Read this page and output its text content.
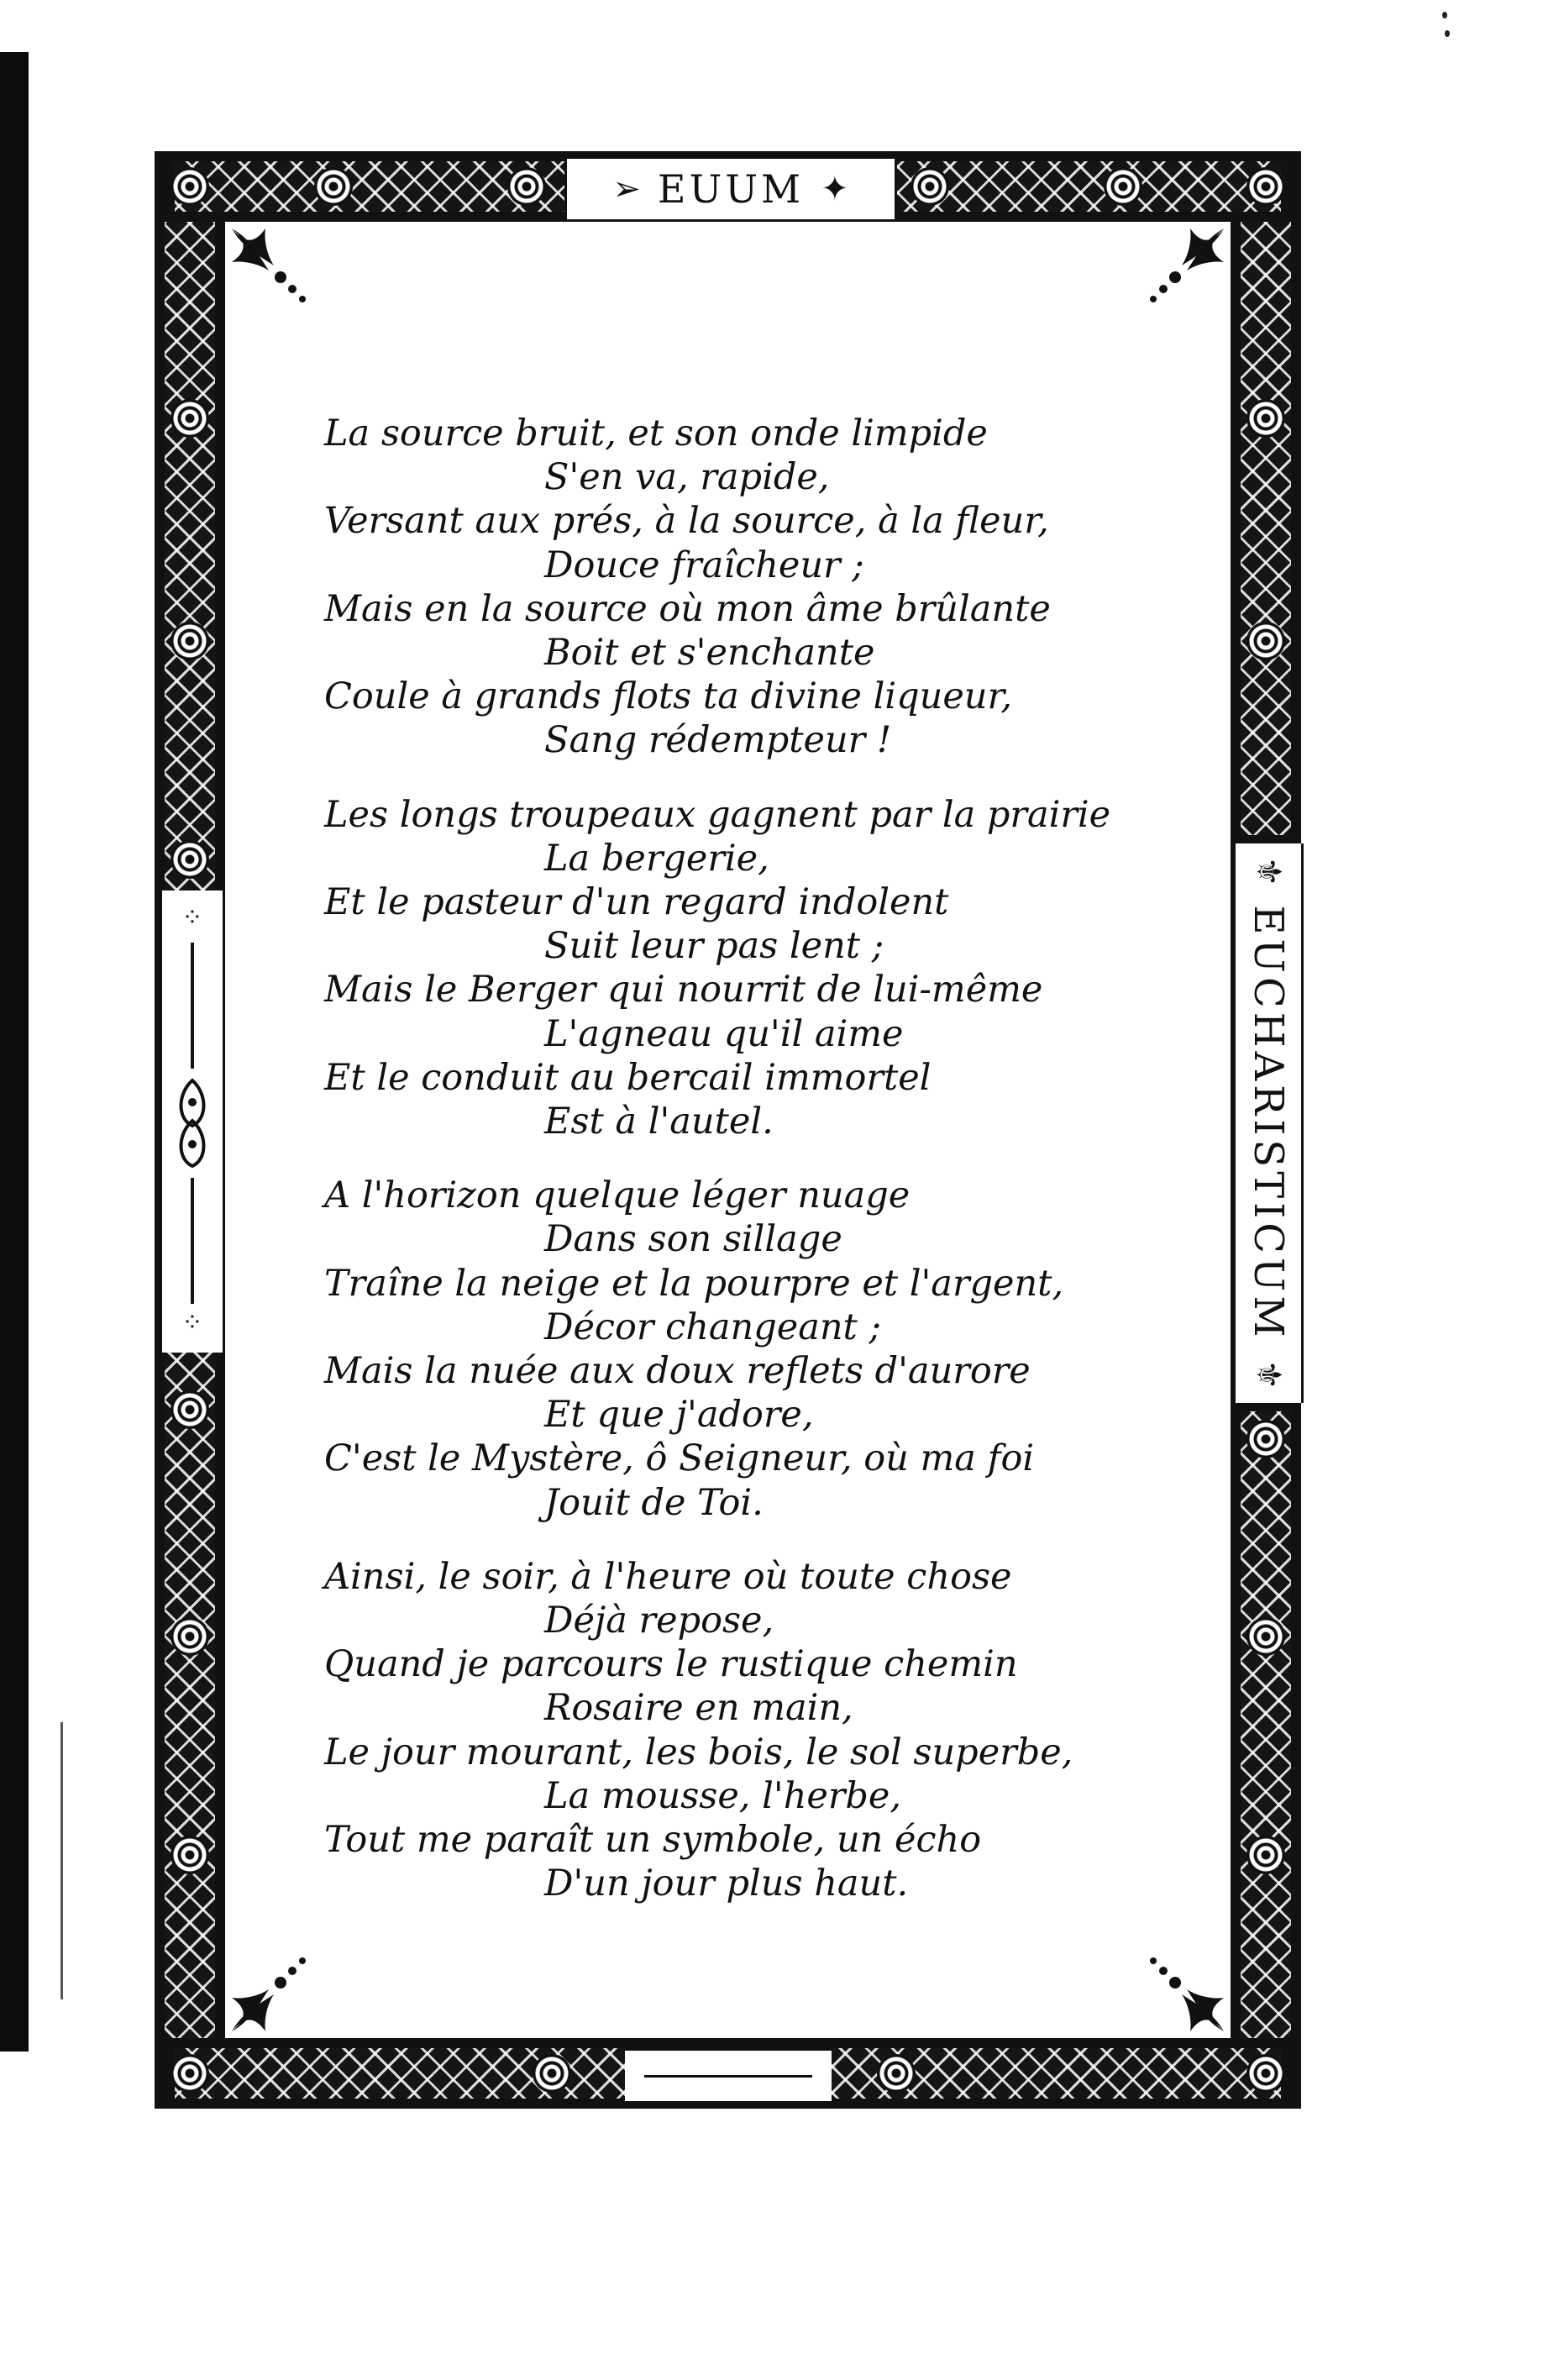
➢ EUUM ✦
⚜
EUCHARISTICUM
⚜
⁘
⁘
La source bruit, et son onde limpide
S'en va, rapide,
Versant aux prés, à la source, à la fleur,
Douce fraîcheur ;
Mais en la source où mon âme brûlante
Boit et s'enchante
Coule à grands flots ta divine liqueur,
Sang rédempteur !
Les longs troupeaux gagnent par la prairie
La bergerie,
Et le pasteur d'un regard indolent
Suit leur pas lent ;
Mais le Berger qui nourrit de lui-même
L'agneau qu'il aime
Et le conduit au bercail immortel
Est à l'autel.
A l'horizon quelque léger nuage
Dans son sillage
Traîne la neige et la pourpre et l'argent,
Décor changeant ;
Mais la nuée aux doux reflets d'aurore
Et que j'adore,
C'est le Mystère, ô Seigneur, où ma foi
Jouit de Toi.
Ainsi, le soir, à l'heure où toute chose
Déjà repose,
Quand je parcours le rustique chemin
Rosaire en main,
Le jour mourant, les bois, le sol superbe,
La mousse, l'herbe,
Tout me paraît un symbole, un écho
D'un jour plus haut.
